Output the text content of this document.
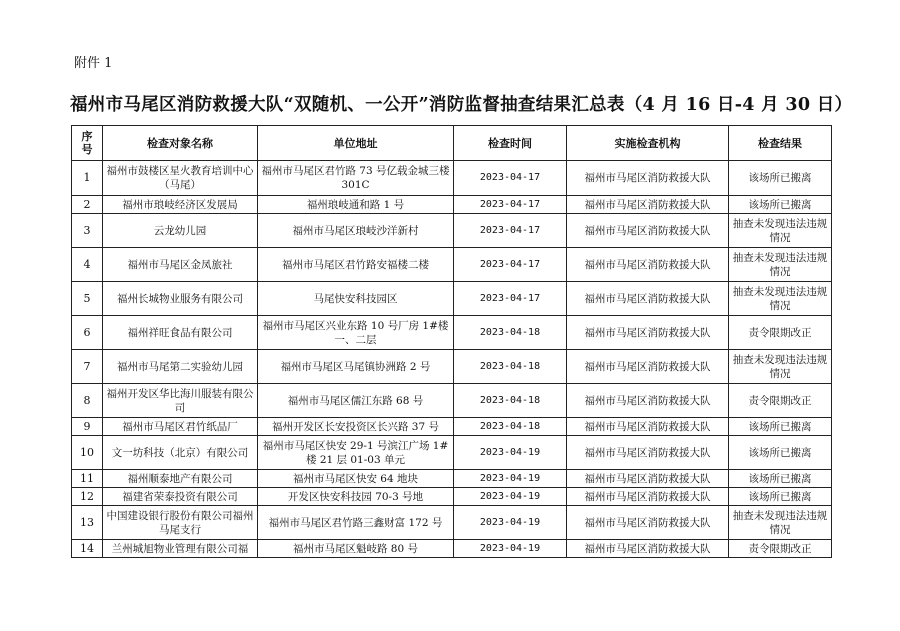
附件 1
福州市马尾区消防救援大队“双随机、一公开”消防监督抽查结果汇总表（4 月 16 日-4 月 30 日）
序号	检查对象名称	单位地址	检查时间	实施检查机构	检查结果
1	福州市鼓楼区星火教育培训中心（马尾）	福州市马尾区君竹路 73 号亿载金城三楼 301C	2023-04-17	福州市马尾区消防救援大队	该场所已搬离
2	福州市琅岐经济区发展局	福州琅岐通和路 1 号	2023-04-17	福州市马尾区消防救援大队	该场所已搬离
3	云龙幼儿园	福州市马尾区琅岐沙洋新村	2023-04-17	福州市马尾区消防救援大队	抽查未发现违法违规情况
4	福州市马尾区金凤旅社	福州市马尾区君竹路安福楼二楼	2023-04-17	福州市马尾区消防救援大队	抽查未发现违法违规情况
5	福州长城物业服务有限公司	马尾快安科技园区	2023-04-17	福州市马尾区消防救援大队	抽查未发现违法违规情况
6	福州祥旺食品有限公司	福州市马尾区兴业东路 10 号厂房 1#楼一、二层	2023-04-18	福州市马尾区消防救援大队	责令限期改正
7	福州市马尾第二实验幼儿园	福州市马尾区马尾镇协洲路 2 号	2023-04-18	福州市马尾区消防救援大队	抽查未发现违法违规情况
8	福州开发区华比海川服装有限公司	福州市马尾区儒江东路 68 号	2023-04-18	福州市马尾区消防救援大队	责令限期改正
9	福州市马尾区君竹纸品厂	福州开发区长安投资区长兴路 37 号	2023-04-18	福州市马尾区消防救援大队	该场所已搬离
10	文一坊科技（北京）有限公司	福州市马尾区快安 29-1 号滨江广场 1#楼 21 层 01-03 单元	2023-04-19	福州市马尾区消防救援大队	该场所已搬离
11	福州顺泰地产有限公司	福州市马尾区快安 64 地块	2023-04-19	福州市马尾区消防救援大队	该场所已搬离
12	福建省荣泰投资有限公司	开发区快安科技园 70-3 号地	2023-04-19	福州市马尾区消防救援大队	该场所已搬离
13	中国建设银行股份有限公司福州马尾支行	福州市马尾区君竹路三鑫财富 172 号	2023-04-19	福州市马尾区消防救援大队	抽查未发现违法违规情况
14	兰州城旭物业管理有限公司福	福州市马尾区魁岐路 80 号	2023-04-19	福州市马尾区消防救援大队	责令限期改正
